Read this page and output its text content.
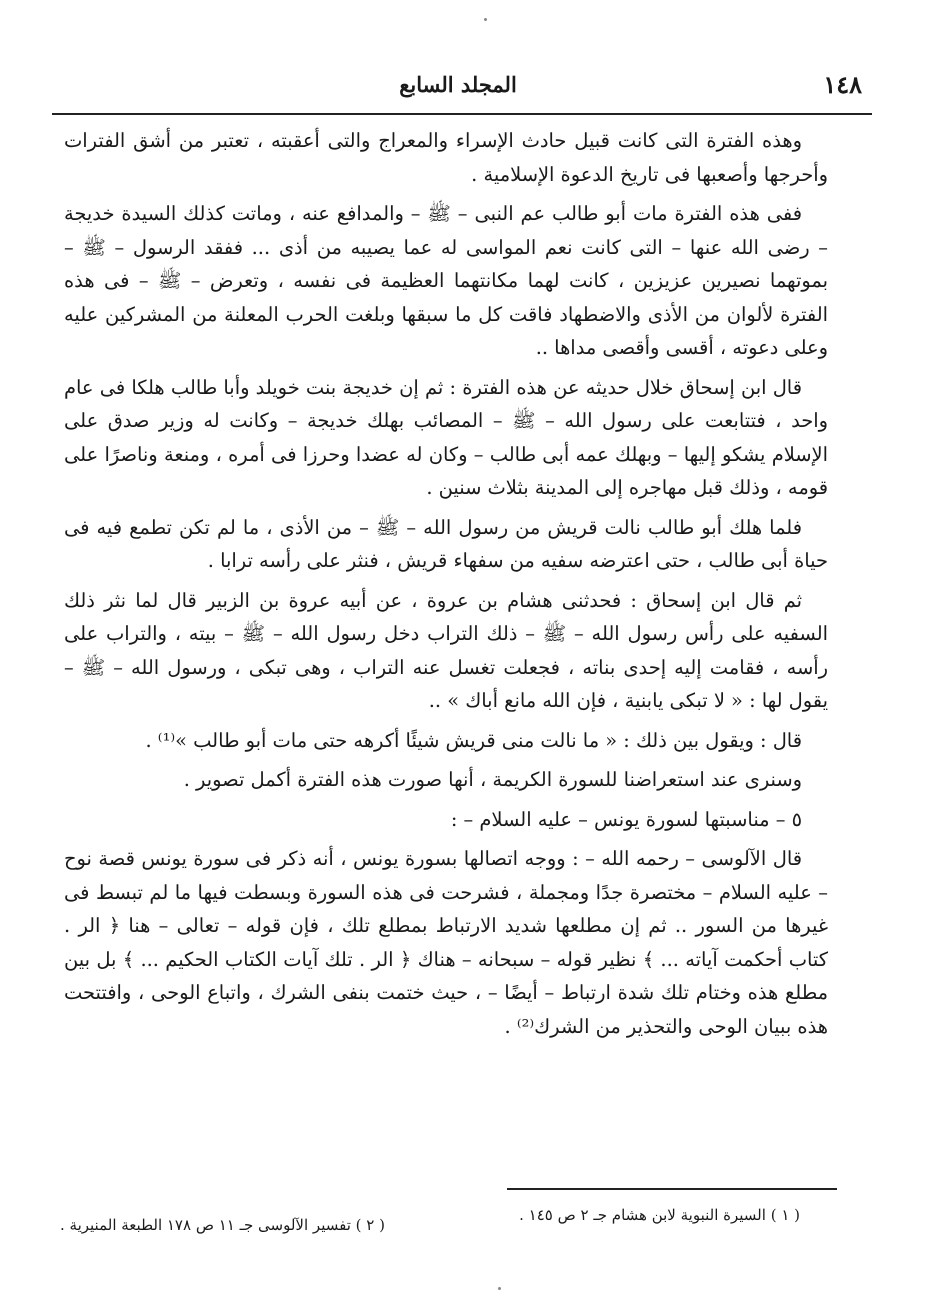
١٤٨
المجلد السابع

وهذه الفترة التى كانت قبيل حادث الإسراء والمعراج والتى أعقبته ، تعتبر من أشق الفترات وأحرجها وأصعبها فى تاريخ الدعوة الإسلامية .

ففى هذه الفترة مات أبو طالب عم النبى – ﷺ – والمدافع عنه ، وماتت كذلك السيدة خديجة – رضى الله عنها – التى كانت نعم المواسى له عما يصيبه من أذى ... ففقد الرسول – ﷺ – بموتهما نصيرين عزيزين ، كانت لهما مكانتهما العظيمة فى نفسه ، وتعرض – ﷺ – فى هذه الفترة لألوان من الأذى والاضطهاد فاقت كل ما سبقها وبلغت الحرب المعلنة من المشركين عليه وعلى دعوته ، أقسى وأقصى مداها ..

قال ابن إسحاق خلال حديثه عن هذه الفترة : ثم إن خديجة بنت خويلد وأبا طالب هلكا فى عام واحد ، فتتابعت على رسول الله – ﷺ – المصائب بهلك خديجة – وكانت له وزير صدق على الإسلام يشكو إليها – وبهلك عمه أبى طالب – وكان له عضدا وحرزا فى أمره ، ومنعة وناصرًا على قومه ، وذلك قبل مهاجره إلى المدينة بثلاث سنين .

فلما هلك أبو طالب نالت قريش من رسول الله – ﷺ – من الأذى ، ما لم تكن تطمع فيه فى حياة أبى طالب ، حتى اعترضه سفيه من سفهاء قريش ، فنثر على رأسه ترابا .

ثم قال ابن إسحاق : فحدثنى هشام بن عروة ، عن أبيه عروة بن الزبير قال لما نثر ذلك السفيه على رأس رسول الله – ﷺ – ذلك التراب دخل رسول الله – ﷺ – بيته ، والتراب على رأسه ، فقامت إليه إحدى بناته ، فجعلت تغسل عنه التراب ، وهى تبكى ، ورسول الله – ﷺ – يقول لها : « لا تبكى يابنية ، فإن الله مانع أباك » ..

قال : ويقول بين ذلك : « ما نالت منى قريش شيئًا أكرهه حتى مات أبو طالب »⁽¹⁾ .

وسنرى عند استعراضنا للسورة الكريمة ، أنها صورت هذه الفترة أكمل تصوير .

٥ – مناسبتها لسورة يونس – عليه السلام – :

قال الآلوسى – رحمه الله – : ووجه اتصالها بسورة يونس ، أنه ذكر فى سورة يونس قصة نوح – عليه السلام – مختصرة جدًا ومجملة ، فشرحت فى هذه السورة وبسطت فيها ما لم تبسط فى غيرها من السور .. ثم إن مطلعها شديد الارتباط بمطلع تلك ، فإن قوله – تعالى – هنا ﴿ الر . كتاب أحكمت آياته ... ﴾ نظير قوله – سبحانه – هناك ﴿ الر . تلك آيات الكتاب الحكيم ... ﴾ بل بين مطلع هذه وختام تلك شدة ارتباط – أيضًا – ، حيث ختمت بنفى الشرك ، واتباع الوحى ، وافتتحت هذه ببيان الوحى والتحذير من الشرك⁽²⁾ .

( ١ ) السيرة النبوية لابن هشام جـ ٢ ص ١٤٥ .
( ٢ ) تفسير الآلوسى جـ ١١ ص ١٧٨ الطبعة المنيرية .
